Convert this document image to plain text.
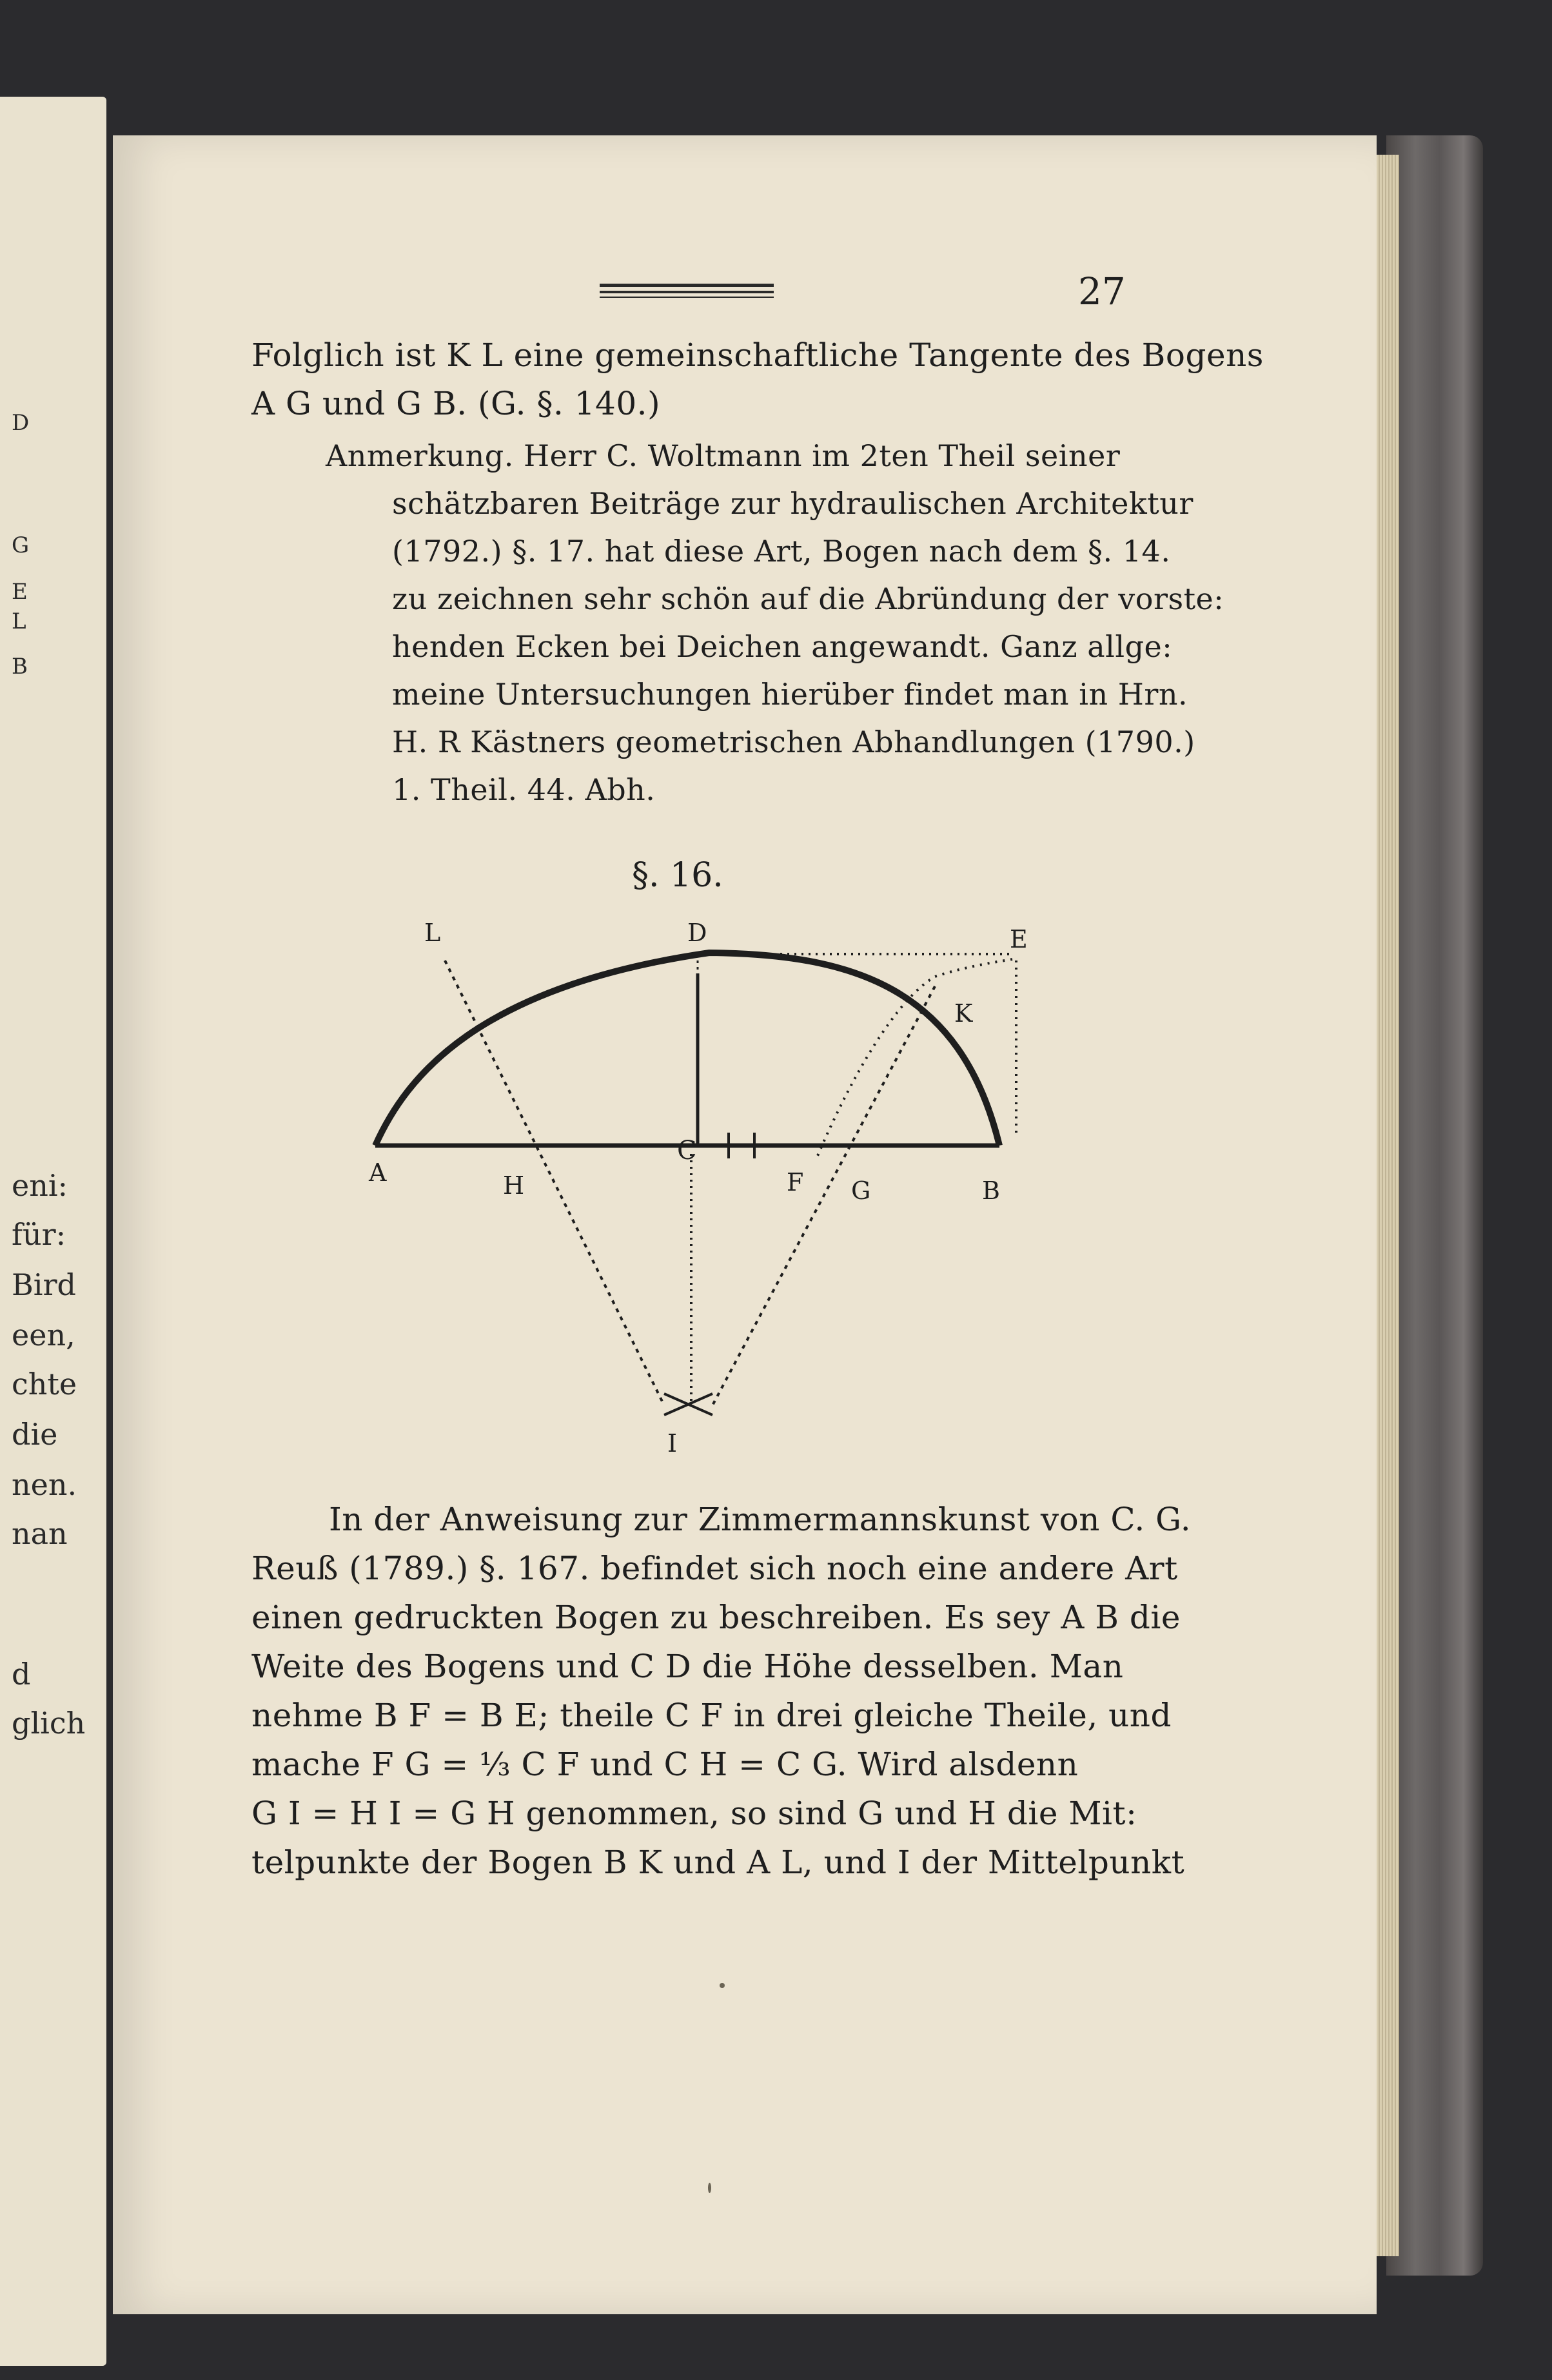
D
G
E
L
B
eni:
für:
Bird
een,
chte
die
nen.
nan
d
glich
27
Folglich ist K L eine gemeinschaftliche Tangente des Bogens
A G und G B. (G. §. 140.)
Anmerkung. Herr C. Woltmann im 2ten Theil seiner
schätzbaren Beiträge zur hydraulischen Architektur
(1792.) §. 17. hat diese Art, Bogen nach dem §. 14.
zu zeichnen sehr schön auf die Abründung der vorste:
henden Ecken bei Deichen angewandt. Ganz allge:
meine Untersuchungen hierüber findet man in Hrn.
H. R Kästners geometrischen Abhandlungen (1790.)
1. Theil. 44. Abh.
§. 16.
L	D	E
K
A	H
C
F G	B
I
In der Anweisung zur Zimmermannskunst von C. G.
Reuß (1789.) §. 167. befindet sich noch eine andere Art
einen gedruckten Bogen zu beschreiben. Es sey A B die
Weite des Bogens und C D die Höhe desselben. Man
nehme B F = B E; theile C F in drei gleiche Theile, und
mache F G = ⅓ C F und C H = C G. Wird alsdenn
G I = H I = G H genommen, so sind G und H die Mit:
telpunkte der Bogen B K und A L, und I der Mittelpunkt
